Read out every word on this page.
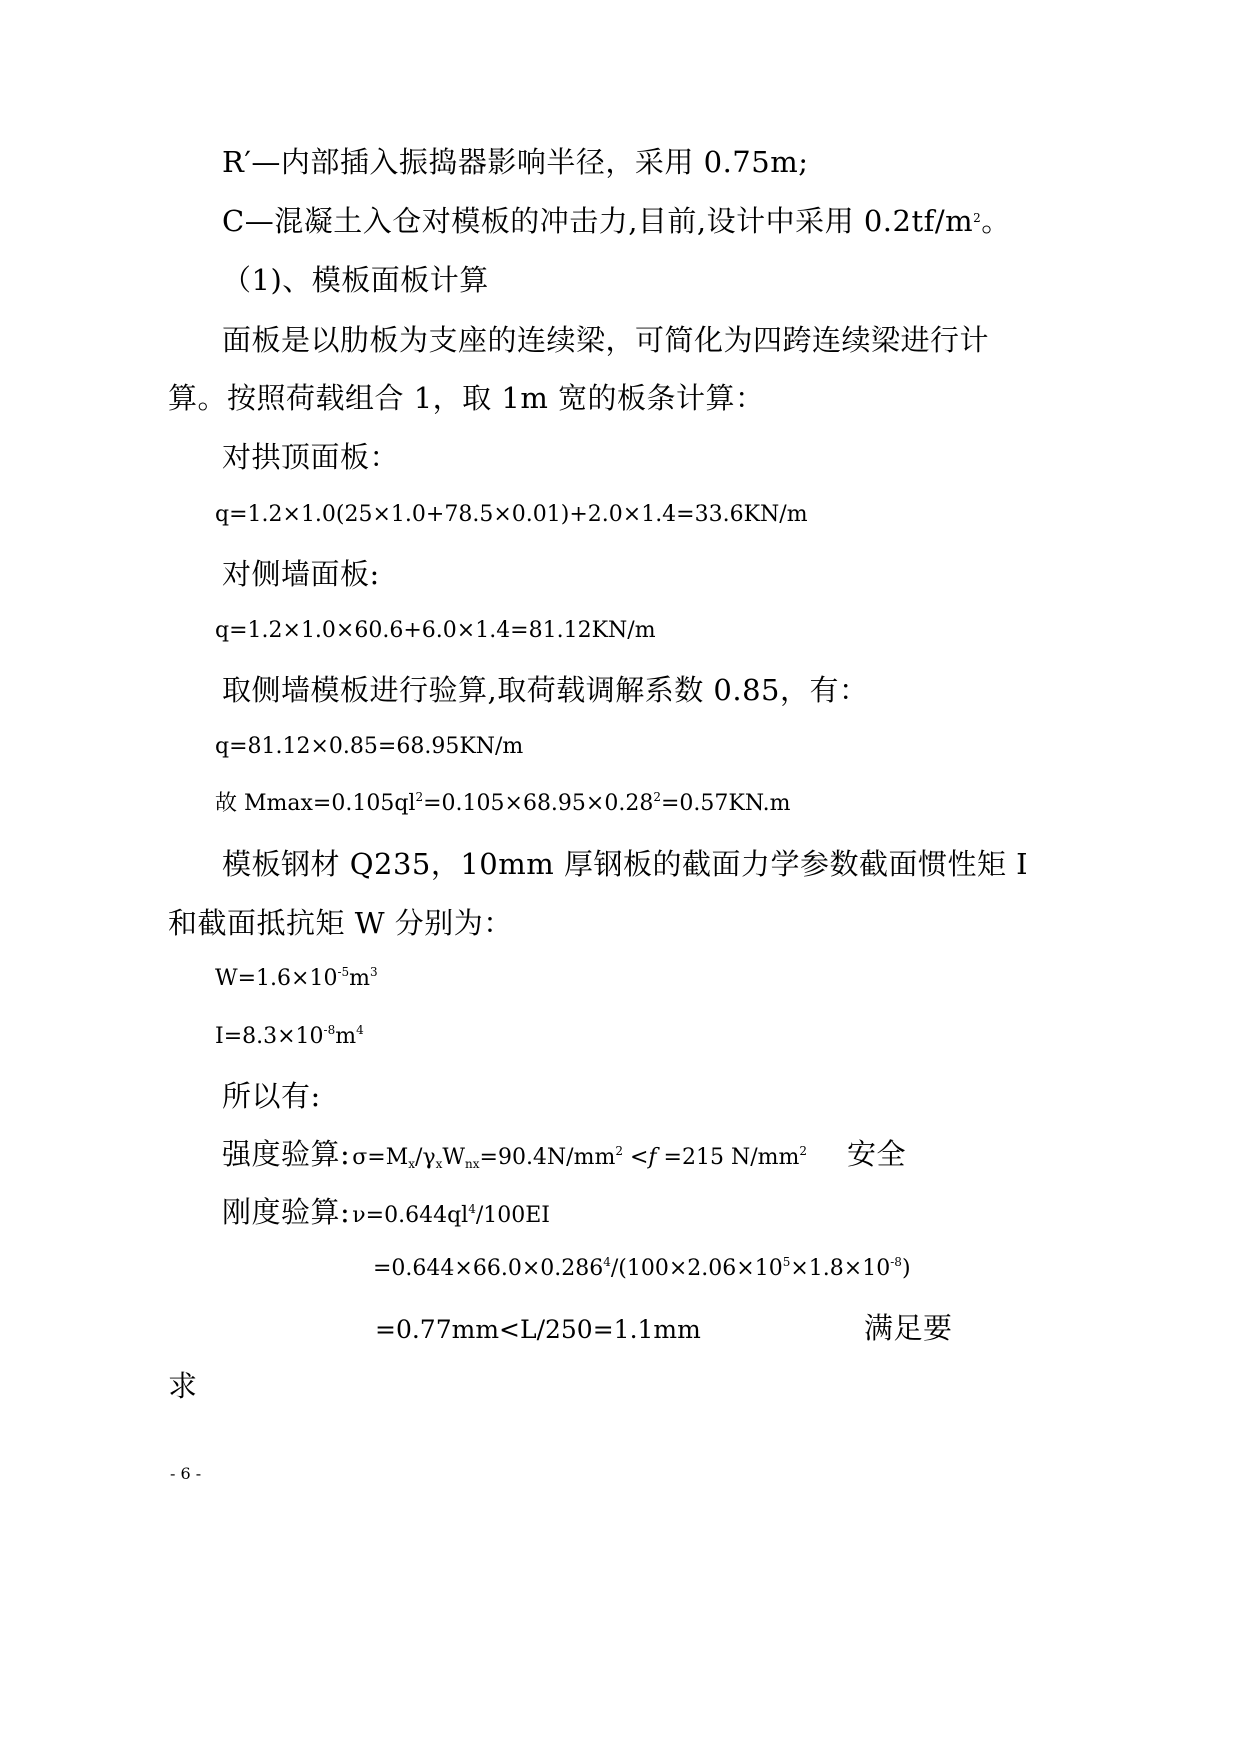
R′—内部插入振捣器影响半径，采用 0.75m;
C—混凝土入仓对模板的冲击力,目前,设计中采用 $0.2tf/m^2$。
（1)、模板面板计算
面板是以肋板为支座的连续梁，可简化为四跨连续梁进行计
算。按照荷载组合 1，取 1m 宽的板条计算：
对拱顶面板：
q=1.2×1.0(25×1.0+78.5×0.01)+2.0×1.4=33.6KN/m
对侧墙面板:
q=1.2×1.0×60.6+6.0×1.4=81.12KN/m
取侧墙模板进行验算,取荷载调解系数 0.85，有：
q=81.12×0.85=68.95KN/m
故 $Mmax=0.105ql^2=0.105\times 68.95\times 0.28^2=0.57KN.m$
模板钢材 Q235，10mm 厚钢板的截面力学参数截面惯性矩 I
和截面抵抗矩 W 分别为：
$W=1.6\times 10^{-5}m^3$
$I=8.3\times 10^{-8}m^4$
所以有:
强度验算$:\sigma=M_x/\gamma_xW_{nx}=90.4N/mm^2 <f =215$ $N/mm^2$ 安全
刚度验算$:\nu=0.644ql^4/100EI$
$=0.644\times 66.0\times 0.286^4/(100\times 2.06\times 10^5\times 1.8\times 10^{-8})$
=0.77mm<L/250=1.1mm	满足要
求
- 6 -
